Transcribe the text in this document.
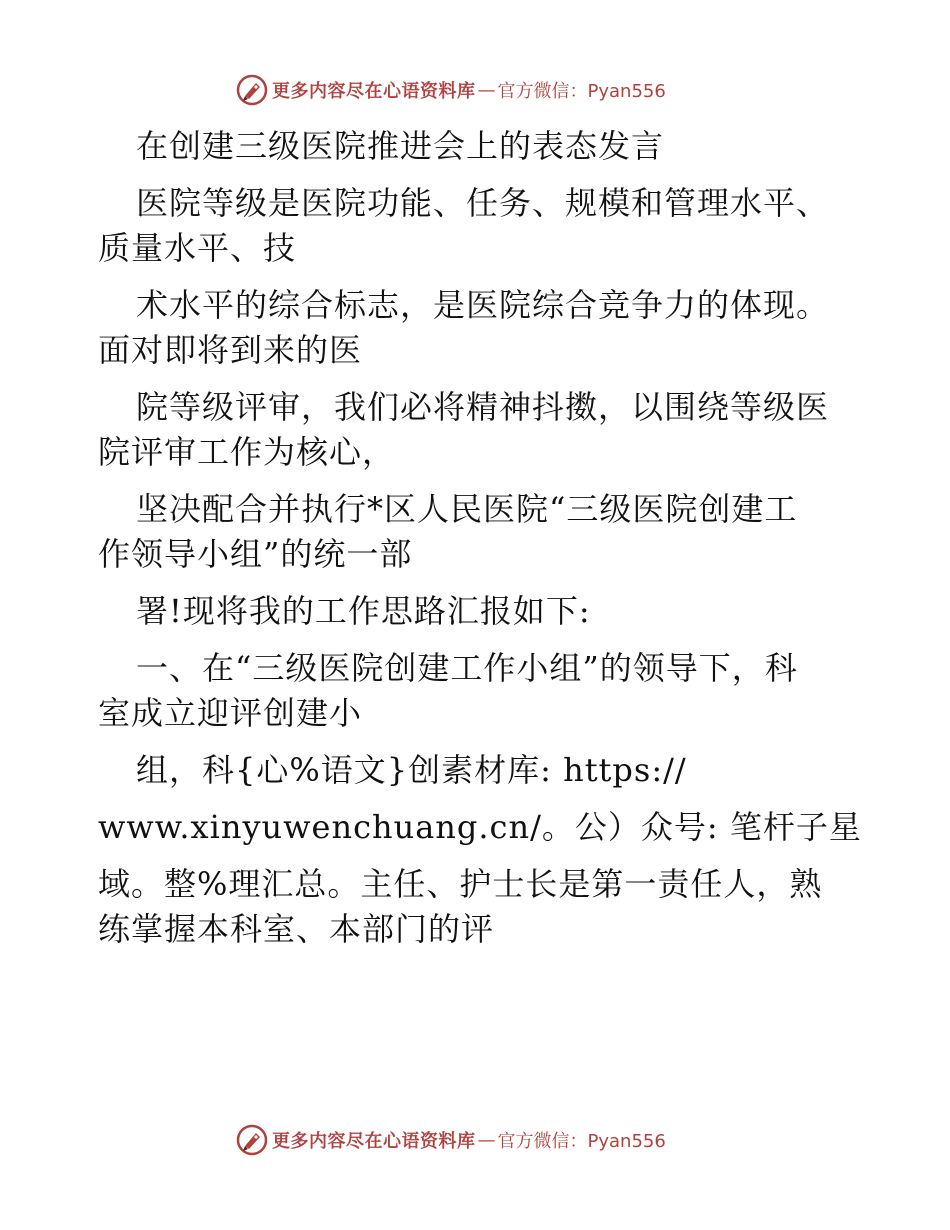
更多内容尽在心语资料库 — 官方微信：Pyan556
在创建三级医院推进会上的表态发言
医院等级是医院功能、任务、规模和管理水平、
质量水平、技
术水平的综合标志，是医院综合竞争力的体现。
面对即将到来的医
院等级评审，我们必将精神抖擞，以围绕等级医
院评审工作为核心，
坚决配合并执行*区人民医院“三级医院创建工
作领导小组”的统一部
署!现将我的工作思路汇报如下:
一、在“三级医院创建工作小组”的领导下，科
室成立迎评创建小
组，科{心%语文}创素材库: https://
www.xinyuwenchuang.cn/。公）众号: 笔杆子星
域。整%理汇总。主任、护士长是第一责任人，熟
练掌握本科室、本部门的评
更多内容尽在心语资料库 — 官方微信：Pyan556
